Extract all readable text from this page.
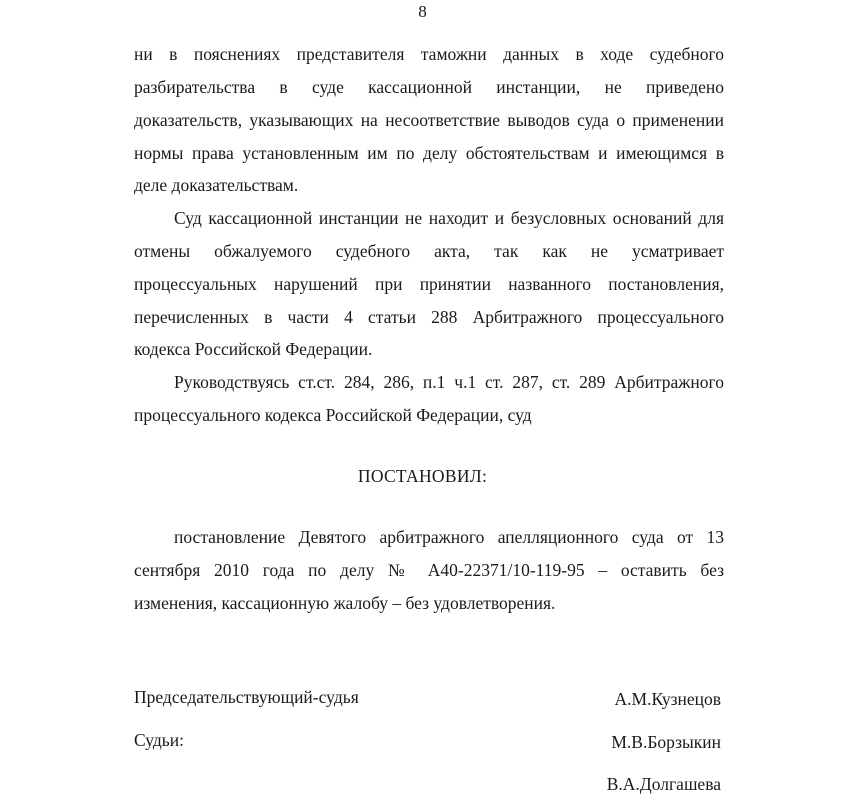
8
ни в пояснениях представителя таможни данных в ходе судебного
разбирательства в суде кассационной инстанции, не приведено
доказательств, указывающих на несоответствие выводов суда о применении
нормы права установленным им по делу обстоятельствам и имеющимся в
деле доказательствам.
Суд кассационной инстанции не находит и безусловных оснований для
отмены обжалуемого судебного акта, так как не усматривает
процессуальных нарушений при принятии названного постановления,
перечисленных в части 4 статьи 288 Арбитражного процессуального
кодекса Российской Федерации.
Руководствуясь ст.ст. 284, 286, п.1 ч.1 ст. 287, ст. 289 Арбитражного
процессуального кодекса Российской Федерации, суд
ПОСТАНОВИЛ:
постановление Девятого арбитражного апелляционного суда от 13
сентября 2010 года по делу № А40-22371/10-119-95 – оставить без
изменения, кассационную жалобу – без удовлетворения.
Председательствующий-судья	А.М.Кузнецов
Судьи:	М.В.Борзыкин
В.А.Долгашева
